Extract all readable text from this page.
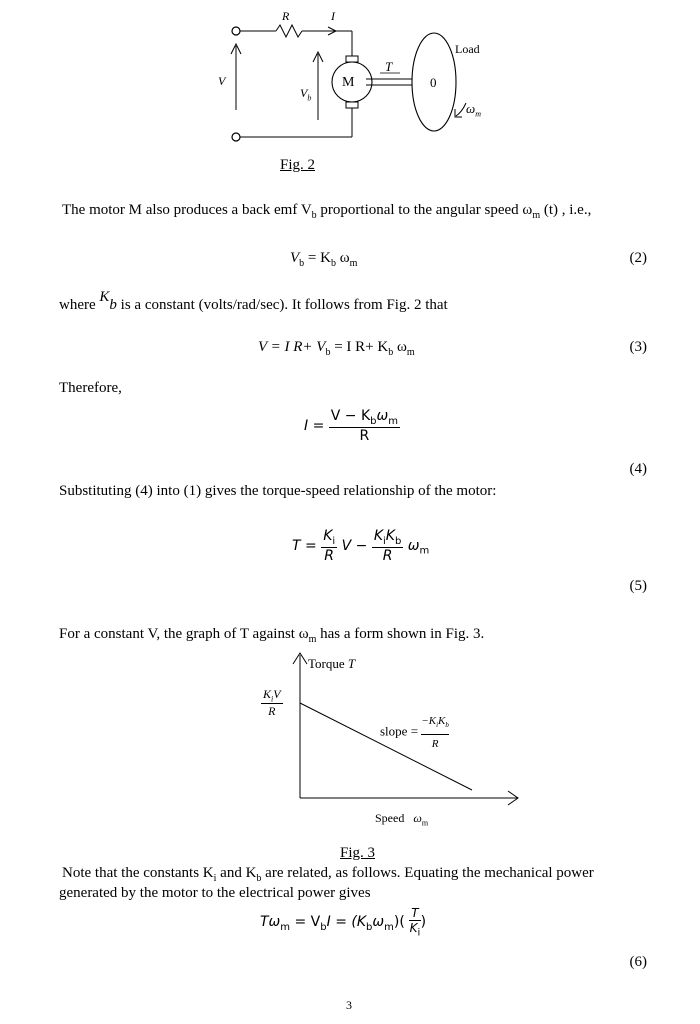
R	I
V
$V_b$
M
T
Load
0
$\omega_m$
Fig. 2
The motor M also produces a back emf $V_b$ proportional to the angular speed $\omega_m$ (t) , i.e.,
$V_b = K_b$ $\omega_m$	(2)
where Kb is a constant (volts/rad/sec). It follows from Fig. 2 that
V = I $R+ V_b = I$ $R+ K_b$ $\omega_m$	(3)
Therefore,
$I = \frac{V - K_b\omega_m}{R}$
(4)
Substituting (4) into (1) gives the torque-speed relationship of the motor:
$T = \frac{K_i}{R}$ $V - \frac{K_iK_b}{R} \omega_m$
(5)
For a constant V, the graph of T against $\omega_m$ has a form shown in Fig. 3.
Torque T
$\frac{K_iV}{R}$
slope =
$-K_iK_b$
R
Speed $\omega_m$
Fig. 3
Note that the constants $K_i$ and $K_b$ are related, as follows. Equating the mechanical power
generated by the motor to the electrical power gives
$T\omega_m = V_bI = (K_b\omega_m)( \frac{T}{K_i}$ )
(6)
3
